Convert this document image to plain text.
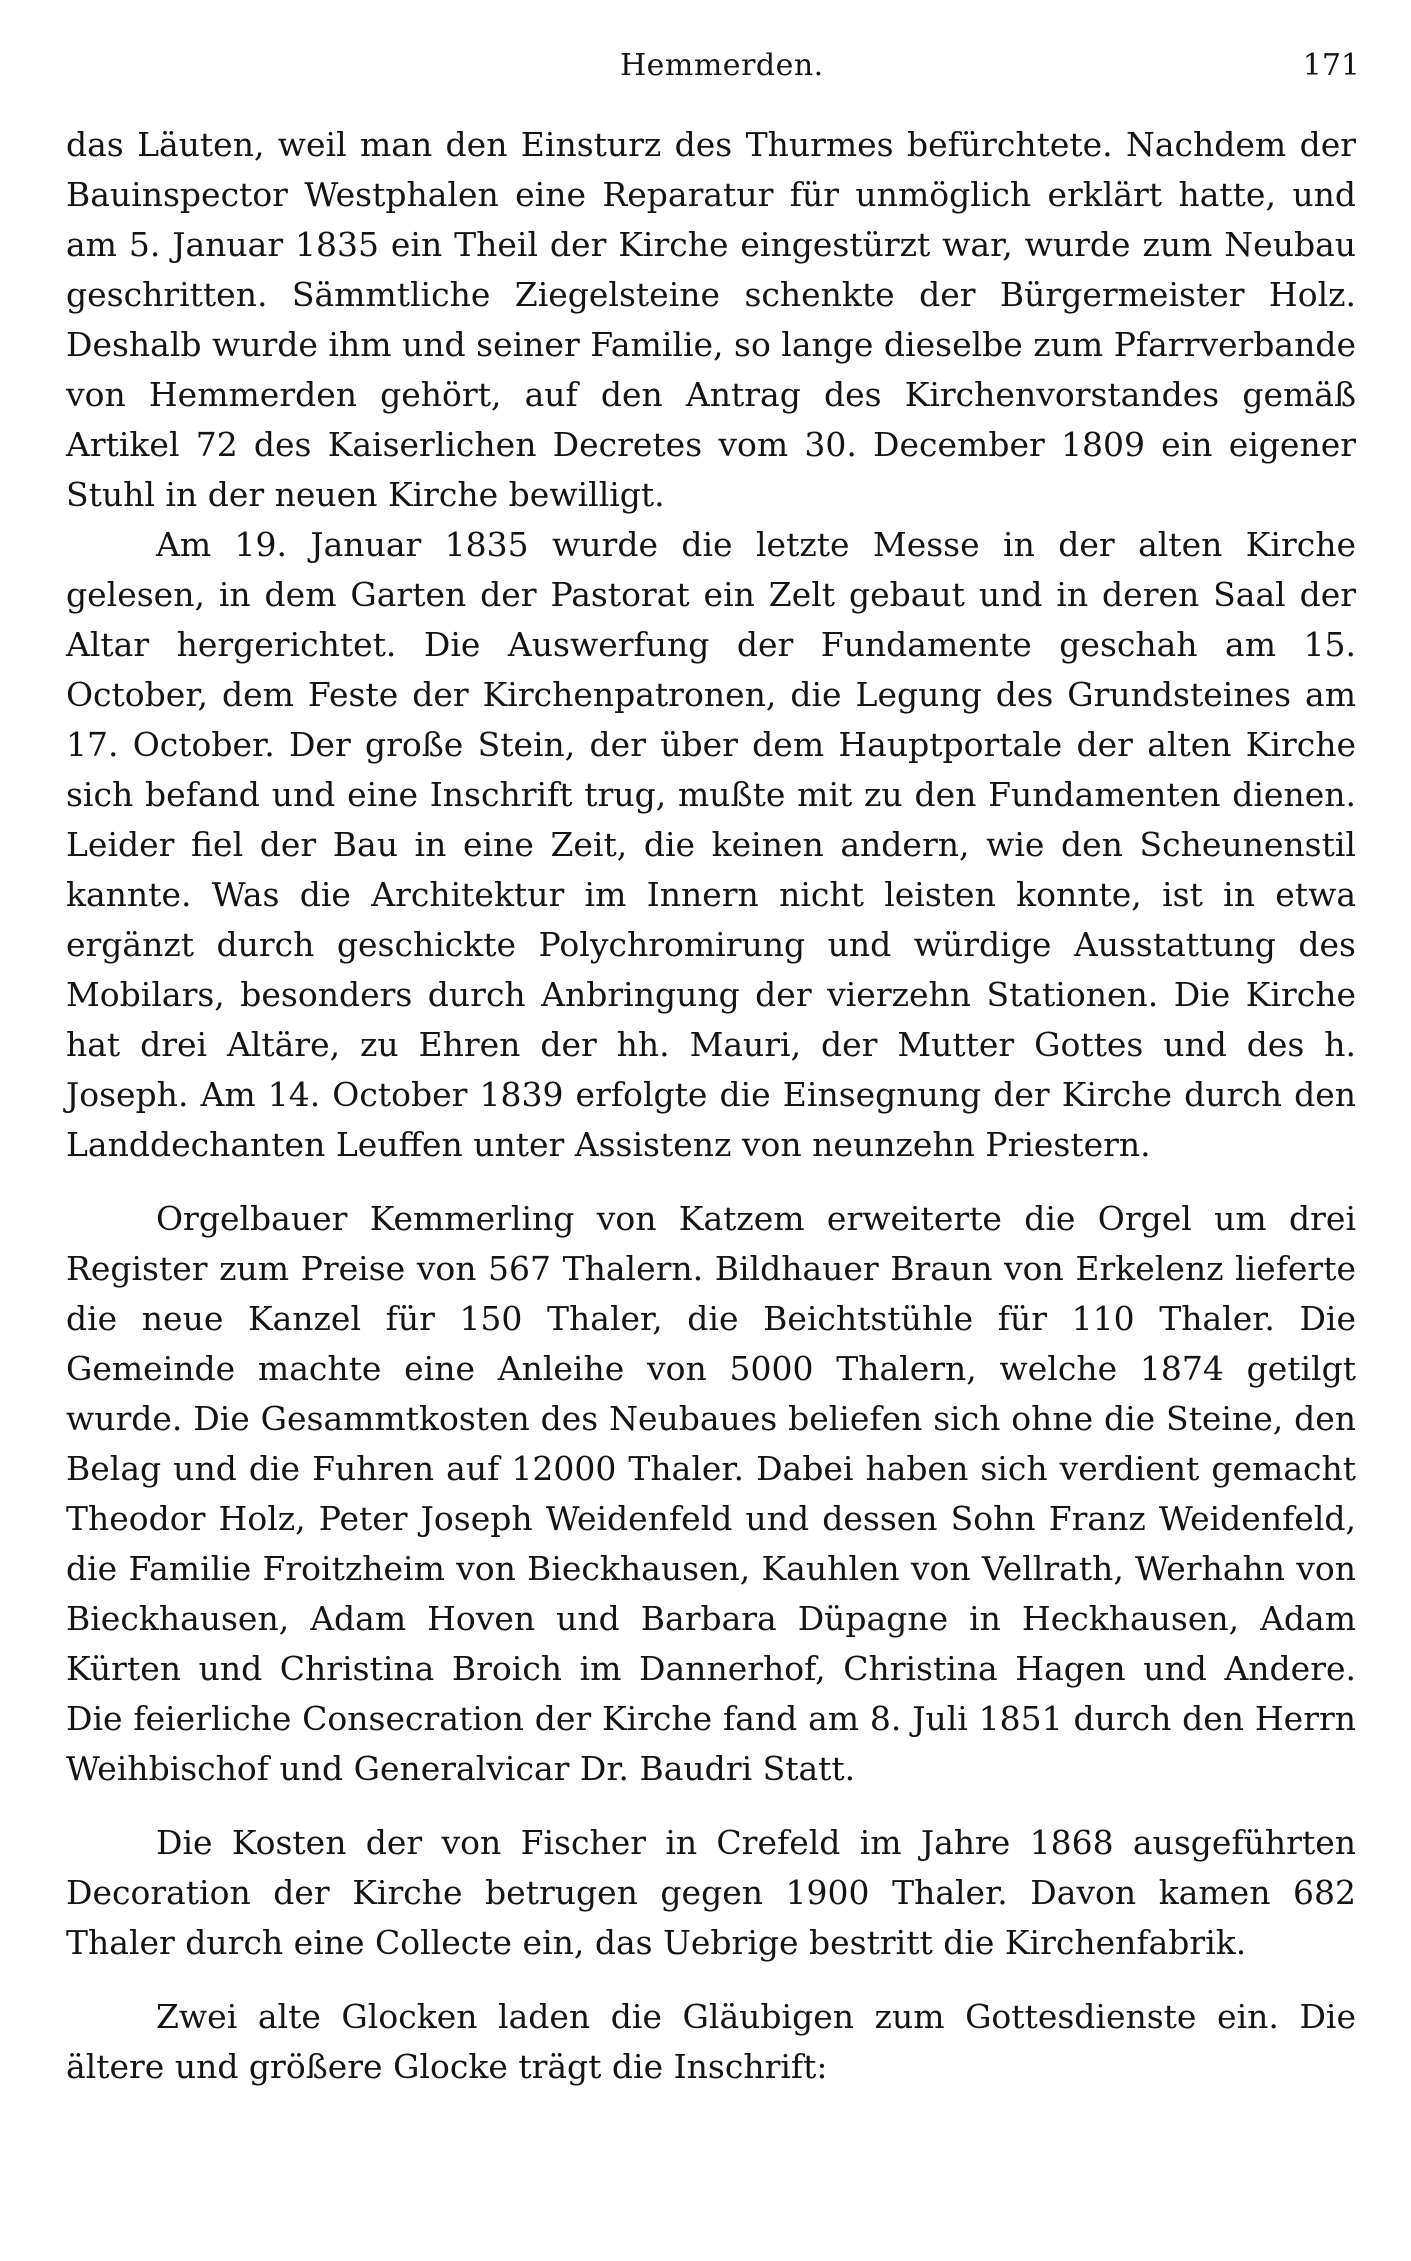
Hemmerden.	171

das Läuten, weil man den Einsturz des Thurmes befürchtete. Nachdem der Bauinspector Westphalen eine Reparatur für unmöglich erklärt hatte, und am 5. Januar 1835 ein Theil der Kirche eingestürzt war, wurde zum Neubau geschritten. Sämmtliche Ziegelsteine schenkte der Bürgermeister Holz. Deshalb wurde ihm und seiner Familie, so lange dieselbe zum Pfarrverbande von Hemmerden gehört, auf den Antrag des Kirchenvorstandes gemäß Artikel 72 des Kaiserlichen Decretes vom 30. December 1809 ein eigener Stuhl in der neuen Kirche bewilligt.

Am 19. Januar 1835 wurde die letzte Messe in der alten Kirche gelesen, in dem Garten der Pastorat ein Zelt gebaut und in deren Saal der Altar hergerichtet. Die Auswerfung der Fundamente geschah am 15. October, dem Feste der Kirchenpatronen, die Legung des Grundsteines am 17. October. Der große Stein, der über dem Hauptportale der alten Kirche sich befand und eine Inschrift trug, mußte mit zu den Fundamenten dienen. Leider fiel der Bau in eine Zeit, die keinen andern, wie den Scheunenstil kannte. Was die Architektur im Innern nicht leisten konnte, ist in etwa ergänzt durch geschickte Polychromirung und würdige Ausstattung des Mobilars, besonders durch Anbringung der vierzehn Stationen. Die Kirche hat drei Altäre, zu Ehren der hh. Mauri, der Mutter Gottes und des h. Joseph. Am 14. October 1839 erfolgte die Einsegnung der Kirche durch den Landdechanten Leuffen unter Assistenz von neunzehn Priestern.

Orgelbauer Kemmerling von Katzem erweiterte die Orgel um drei Register zum Preise von 567 Thalern. Bildhauer Braun von Erkelenz lieferte die neue Kanzel für 150 Thaler, die Beichtstühle für 110 Thaler. Die Gemeinde machte eine Anleihe von 5000 Thalern, welche 1874 getilgt wurde. Die Gesammtkosten des Neubaues beliefen sich ohne die Steine, den Belag und die Fuhren auf 12000 Thaler. Dabei haben sich verdient gemacht Theodor Holz, Peter Joseph Weidenfeld und dessen Sohn Franz Weidenfeld, die Familie Froitzheim von Bieckhausen, Kauhlen von Vellrath, Werhahn von Bieckhausen, Adam Hoven und Barbara Düpagne in Heckhausen, Adam Kürten und Christina Broich im Dannerhof, Christina Hagen und Andere. Die feierliche Consecration der Kirche fand am 8. Juli 1851 durch den Herrn Weihbischof und Generalvicar Dr. Baudri Statt.

Die Kosten der von Fischer in Crefeld im Jahre 1868 ausgeführten Decoration der Kirche betrugen gegen 1900 Thaler. Davon kamen 682 Thaler durch eine Collecte ein, das Uebrige bestritt die Kirchenfabrik.

Zwei alte Glocken laden die Gläubigen zum Gottesdienste ein. Die ältere und größere Glocke trägt die Inschrift:
